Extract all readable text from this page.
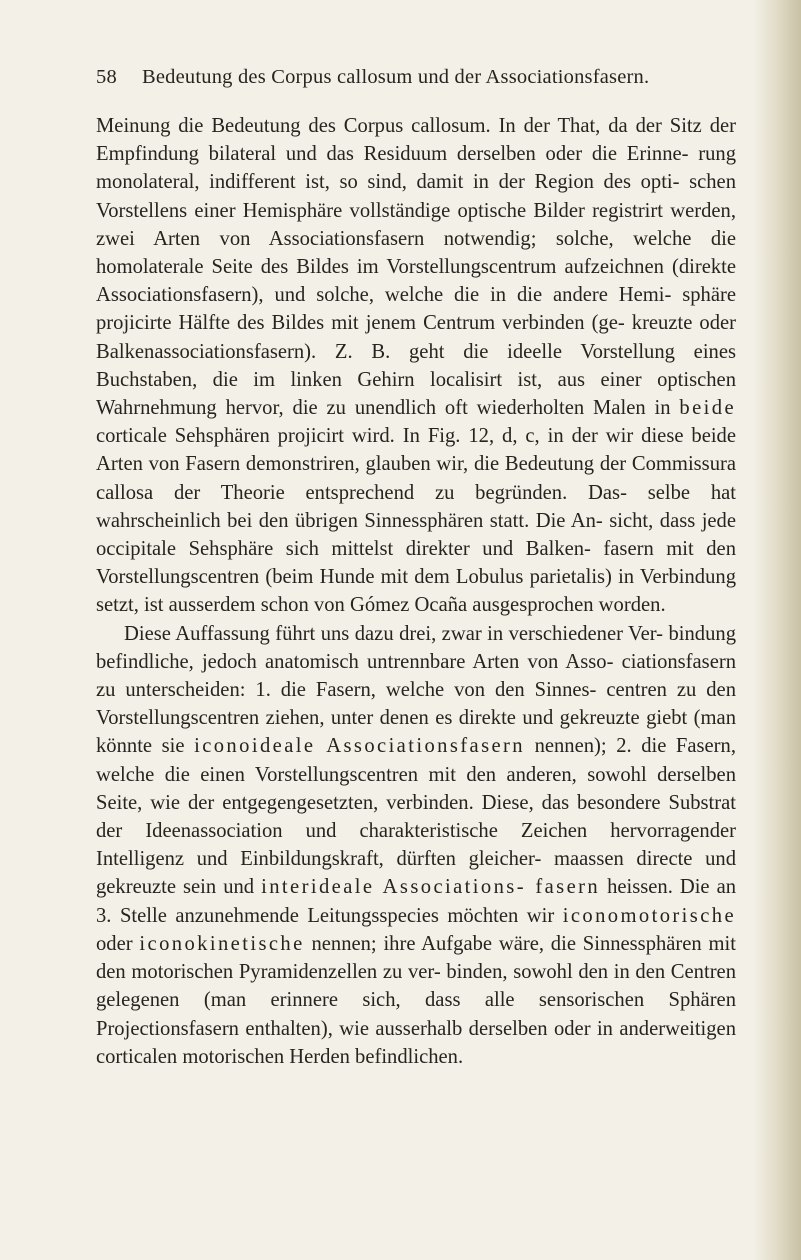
58 Bedeutung des Corpus callosum und der Associationsfasern.

Meinung die Bedeutung des Corpus callosum. In der That, da der Sitz der Empfindung bilateral und das Residuum derselben oder die Erinne- rung monolateral, indifferent ist, so sind, damit in der Region des opti- schen Vorstellens einer Hemisphäre vollständige optische Bilder registrirt werden, zwei Arten von Associationsfasern notwendig; solche, welche die homolaterale Seite des Bildes im Vorstellungscentrum aufzeichnen (direkte Associationsfasern), und solche, welche die in die andere Hemi- sphäre projicirte Hälfte des Bildes mit jenem Centrum verbinden (ge- kreuzte oder Balkenassociationsfasern). Z. B. geht die ideelle Vorstellung eines Buchstaben, die im linken Gehirn localisirt ist, aus einer optischen Wahrnehmung hervor, die zu unendlich oft wiederholten Malen in beide corticale Sehsphären projicirt wird. In Fig. 12, d, c, in der wir diese beide Arten von Fasern demonstriren, glauben wir, die Bedeutung der Commissura callosa der Theorie entsprechend zu begründen. Das- selbe hat wahrscheinlich bei den übrigen Sinnessphären statt. Die An- sicht, dass jede occipitale Sehsphäre sich mittelst direkter und Balken- fasern mit den Vorstellungscentren (beim Hunde mit dem Lobulus parietalis) in Verbindung setzt, ist ausserdem schon von Gómez Ocaña ausgesprochen worden.

Diese Auffassung führt uns dazu drei, zwar in verschiedener Ver- bindung befindliche, jedoch anatomisch untrennbare Arten von Asso- ciationsfasern zu unterscheiden: 1. die Fasern, welche von den Sinnes- centren zu den Vorstellungscentren ziehen, unter denen es direkte und gekreuzte giebt (man könnte sie iconoideale Associationsfasern nennen); 2. die Fasern, welche die einen Vorstellungscentren mit den anderen, sowohl derselben Seite, wie der entgegengesetzten, verbinden. Diese, das besondere Substrat der Ideenassociation und charakteristische Zeichen hervorragender Intelligenz und Einbildungskraft, dürften gleicher- maassen directe und gekreuzte sein und interideale Associations- fasern heissen. Die an 3. Stelle anzunehmende Leitungsspecies möchten wir iconomotorische oder iconokinetische nennen; ihre Aufgabe wäre, die Sinnessphären mit den motorischen Pyramidenzellen zu ver- binden, sowohl den in den Centren gelegenen (man erinnere sich, dass alle sensorischen Sphären Projectionsfasern enthalten), wie ausserhalb derselben oder in anderweitigen corticalen motorischen Herden befindlichen.
